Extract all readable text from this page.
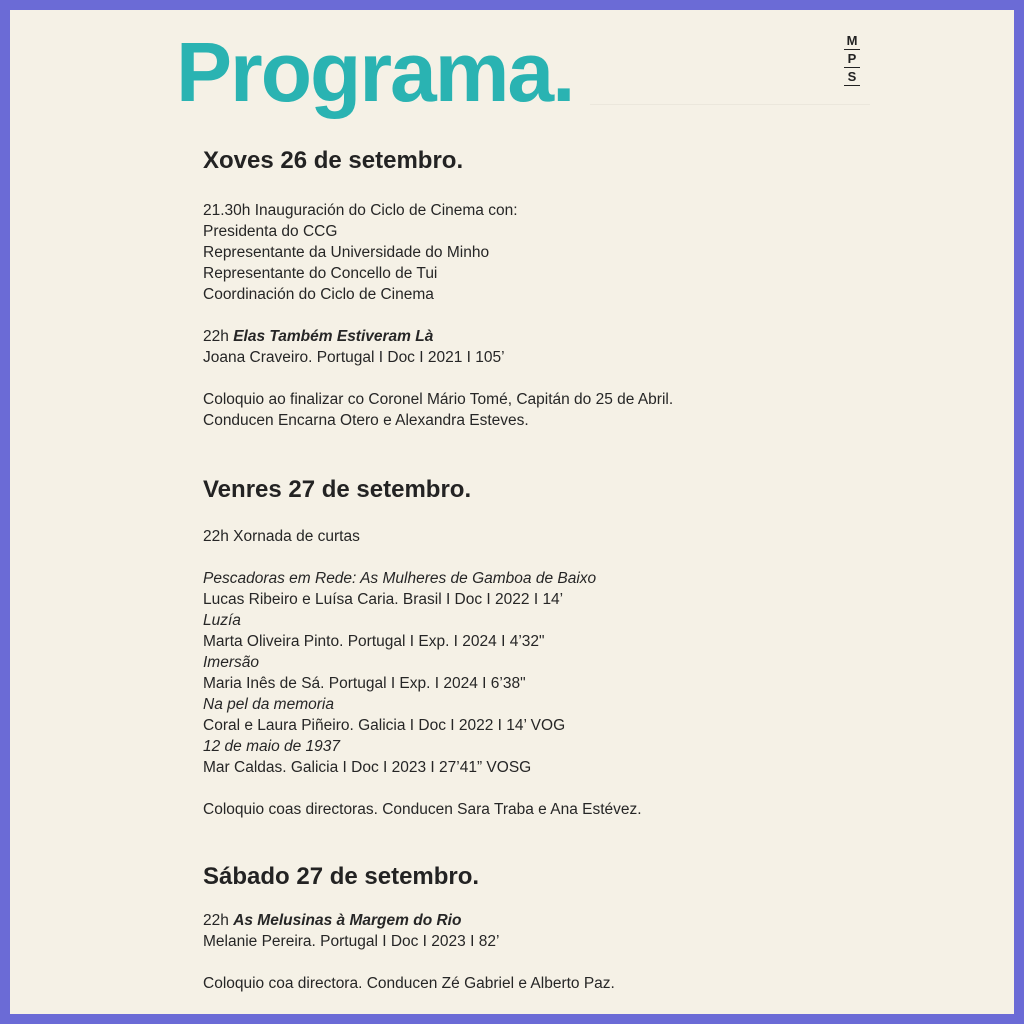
Programa.	M
P
S
Xoves 26 de setembro.

21.30h Inauguración do Ciclo de Cinema con:

Presidenta do CCG

Representante da Universidade do Minho

Representante do Concello de Tui

Coordinación do Ciclo de Cinema

22h Elas Também Estiveram Là

Joana Craveiro. Portugal I Doc I 2021 I 105’

Coloquio ao finalizar co Coronel Mário Tomé, Capitán do 25 de Abril.

Conducen Encarna Otero e Alexandra Esteves.

Venres 27 de setembro.

22h Xornada de curtas

Pescadoras em Rede: As Mulheres de Gamboa de Baixo

Lucas Ribeiro e Luísa Caria. Brasil I Doc I 2022 I 14’

Luzía

Marta Oliveira Pinto. Portugal I Exp. I 2024 I 4’32"

Imersão

Maria Inês de Sá. Portugal I Exp. I 2024 I 6’38"

Na pel da memoria

Coral e Laura Piñeiro. Galicia I Doc I 2022 I 14’ VOG

12 de maio de 1937

Mar Caldas. Galicia I Doc I 2023 I 27’41” VOSG

Coloquio coas directoras. Conducen Sara Traba e Ana Estévez.

Sábado 27 de setembro.

22h As Melusinas à Margem do Rio

Melanie Pereira. Portugal I Doc I 2023 I 82’

Coloquio coa directora. Conducen Zé Gabriel e Alberto Paz.
